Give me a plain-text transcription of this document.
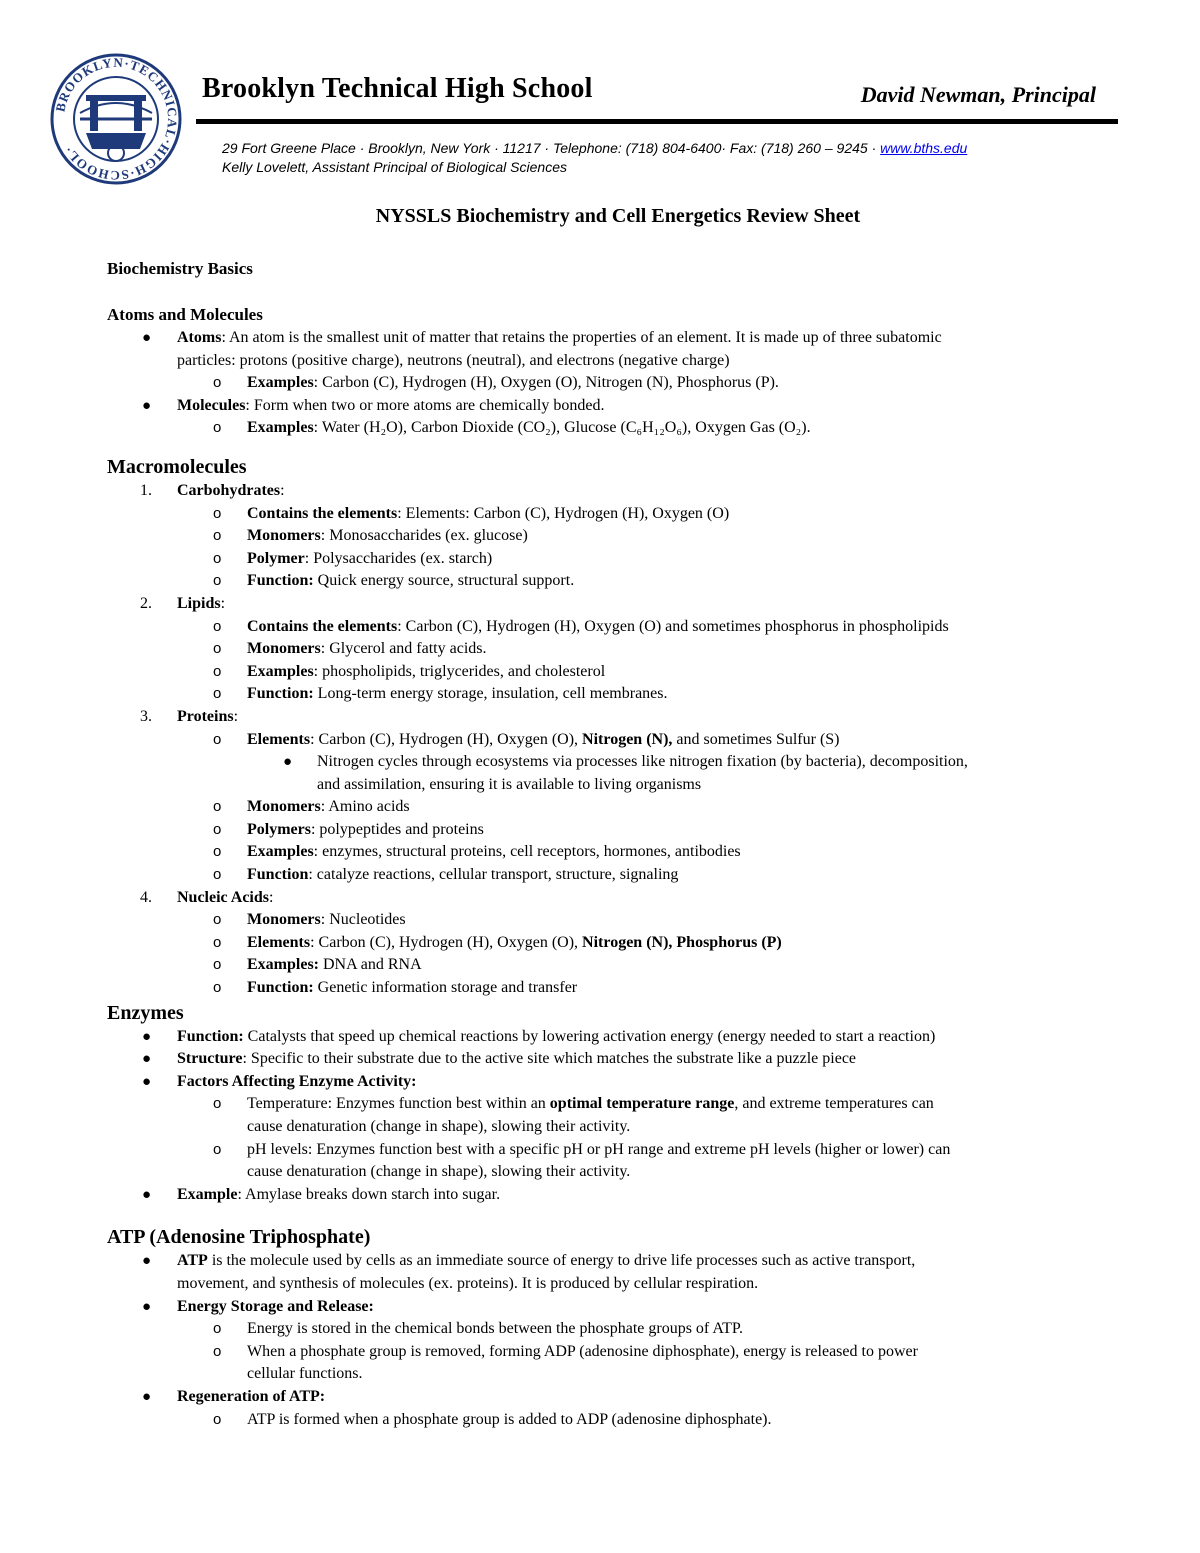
BROOKLYN·TECHNICAL·HIGH·SCHOOL·
Brooklyn Technical High School	David Newman, Principal
29 Fort Greene Place · Brooklyn, New York · 11217 · Telephone: (718) 804-6400· Fax: (718) 260 – 9245 · www.bths.edu
Kelly Lovelett, Assistant Principal of Biological Sciences
NYSSLS Biochemistry and Cell Energetics Review Sheet
Biochemistry Basics
Atoms and Molecules
● Atoms: An atom is the smallest unit of matter that retains the properties of an element. It is made up of three subatomic
particles: protons (positive charge), neutrons (neutral), and electrons (negative charge)
o Examples: Carbon (C), Hydrogen (H), Oxygen (O), Nitrogen (N), Phosphorus (P).
● Molecules: Form when two or more atoms are chemically bonded.
o Examples: Water (H₂O), Carbon Dioxide (CO₂), Glucose (C₆H₁₂O₆), Oxygen Gas (O₂).
Macromolecules
1. Carbohydrates:
o Contains the elements: Elements: Carbon (C), Hydrogen (H), Oxygen (O)
o Monomers: Monosaccharides (ex. glucose)
o Polymer: Polysaccharides (ex. starch)
o Function: Quick energy source, structural support.
2. Lipids:
o Contains the elements: Carbon (C), Hydrogen (H), Oxygen (O) and sometimes phosphorus in phospholipids
o Monomers: Glycerol and fatty acids.
o Examples: phospholipids, triglycerides, and cholesterol
o Function: Long-term energy storage, insulation, cell membranes.
3. Proteins:
o Elements: Carbon (C), Hydrogen (H), Oxygen (O), Nitrogen (N), and sometimes Sulfur (S)
● Nitrogen cycles through ecosystems via processes like nitrogen fixation (by bacteria), decomposition,
and assimilation, ensuring it is available to living organisms
o Monomers: Amino acids
o Polymers: polypeptides and proteins
o Examples: enzymes, structural proteins, cell receptors, hormones, antibodies
o Function: catalyze reactions, cellular transport, structure, signaling
4. Nucleic Acids:
o Monomers: Nucleotides
o Elements: Carbon (C), Hydrogen (H), Oxygen (O), Nitrogen (N), Phosphorus (P)
o Examples: DNA and RNA
o Function: Genetic information storage and transfer
Enzymes
● Function: Catalysts that speed up chemical reactions by lowering activation energy (energy needed to start a reaction)
● Structure: Specific to their substrate due to the active site which matches the substrate like a puzzle piece
● Factors Affecting Enzyme Activity:
o Temperature: Enzymes function best within an optimal temperature range, and extreme temperatures can
cause denaturation (change in shape), slowing their activity.
o pH levels: Enzymes function best with a specific pH or pH range and extreme pH levels (higher or lower) can
cause denaturation (change in shape), slowing their activity.
● Example: Amylase breaks down starch into sugar.
ATP (Adenosine Triphosphate)
● ATP is the molecule used by cells as an immediate source of energy to drive life processes such as active transport,
movement, and synthesis of molecules (ex. proteins). It is produced by cellular respiration.
● Energy Storage and Release:
o Energy is stored in the chemical bonds between the phosphate groups of ATP.
o When a phosphate group is removed, forming ADP (adenosine diphosphate), energy is released to power
cellular functions.
● Regeneration of ATP:
o ATP is formed when a phosphate group is added to ADP (adenosine diphosphate).
